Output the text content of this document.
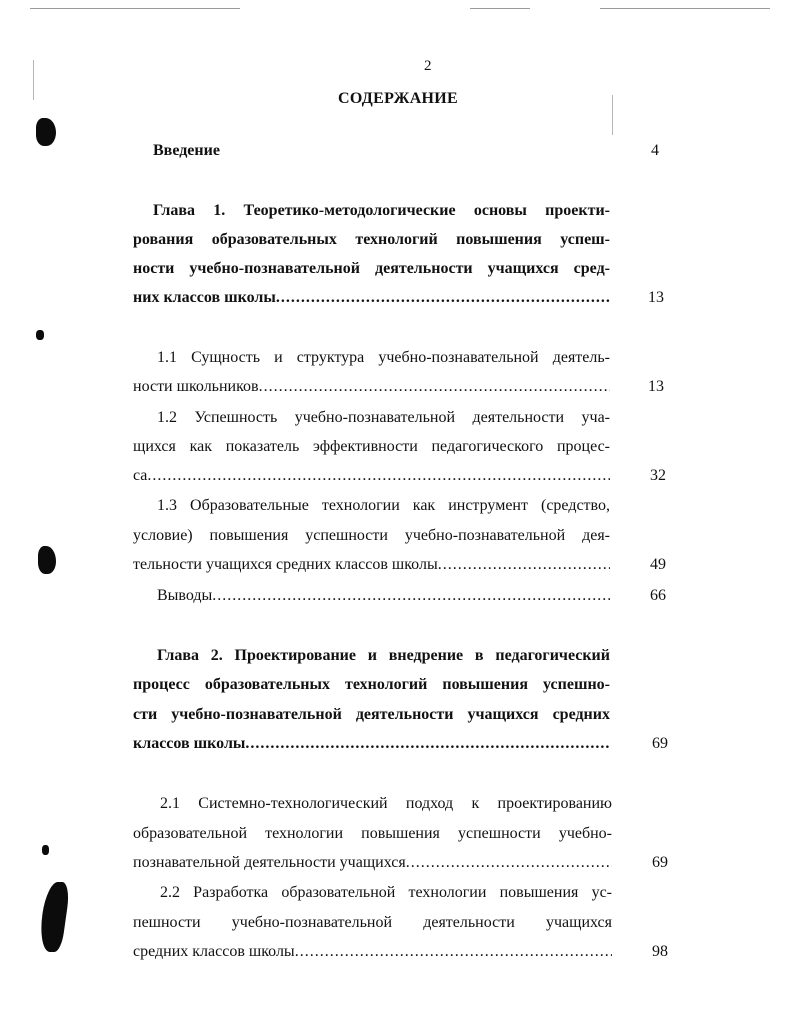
2
СОДЕРЖАНИЕ
Введение	4
Глава 1. Теоретико-методологические основы проекти-
рования образовательных технологий повышения успеш-
ности учебно-познавательной деятельности учащихся сред-
них классов школы .....	13
1.1 Сущность и структура учебно-познавательной деятель-
ности школьников .....	13
1.2 Успешность учебно-познавательной деятельности уча-
щихся как показатель эффективности педагогического процес-
са .....	32
1.3 Образовательные технологии как инструмент (средство,
условие) повышения успешности учебно-познавательной дея-
тельности учащихся средних классов школы .....	49
Выводы .....	66
Глава 2. Проектирование и внедрение в педагогический
процесс образовательных технологий повышения успешно-
сти учебно-познавательной деятельности учащихся средних
классов школы .....	69
2.1 Системно-технологический подход к проектированию
образовательной технологии повышения успешности учебно-
познавательной деятельности учащихся .....	69
2.2 Разработка образовательной технологии повышения ус-
пешности учебно-познавательной деятельности учащихся
средних классов школы .....	98
